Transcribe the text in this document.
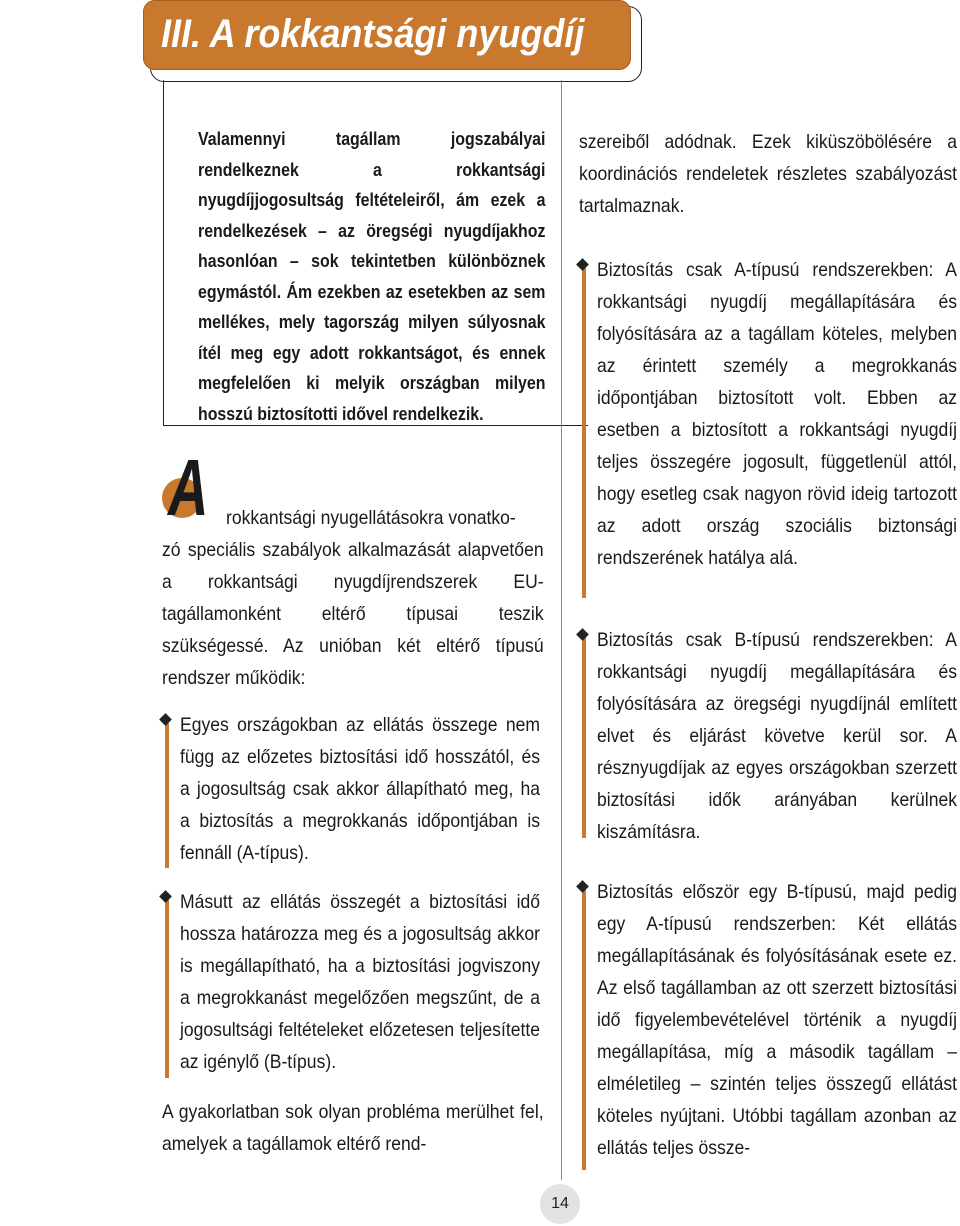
III. A rokkantsági nyugdíj

Valamennyi tagállam jogszabályai rendelkeznek a rokkantsági nyugdíjjogosultság feltételeiről, ám ezek a rendelkezések – az öregségi nyugdíjakhoz hasonlóan – sok tekintetben különböznek egymástól. Ám ezekben az esetekben az sem mellékes, mely tagország milyen súlyosnak ítél meg egy adott rokkantságot, és ennek megfelelően ki melyik országban milyen hosszú biztosítotti idővel rendelkezik.

A rokkantsági nyugellátásokra vonatko-

zó speciális szabályok alkalmazását alapvetően a rokkantsági nyugdíjrendszerek EU-tagállamonként eltérő típusai teszik szükségessé. Az unióban két eltérő típusú rendszer működik:

Egyes országokban az ellátás összege nem függ az előzetes biztosítási idő hosszától, és a jogosultság csak akkor állapítható meg, ha a biztosítás a megrokkanás időpontjában is fennáll (A-típus).

Másutt az ellátás összegét a biztosítási idő hossza határozza meg és a jogosultság akkor is megállapítható, ha a biztosítási jogviszony a megrokkanást megelőzően megszűnt, de a jogosultsági feltételeket előzetesen teljesítette az igénylő (B-típus).

A gyakorlatban sok olyan probléma merülhet fel, amelyek a tagállamok eltérő rend-

szereiből adódnak. Ezek kiküszöbölésére a koordinációs rendeletek részletes szabályozást tartalmaznak.

Biztosítás csak A-típusú rendszerekben: A rokkantsági nyugdíj megállapítására és folyósítására az a tagállam köteles, melyben az érintett személy a megrokkanás időpontjában biztosított volt. Ebben az esetben a biztosított a rokkantsági nyugdíj teljes összegére jogosult, függetlenül attól, hogy esetleg csak nagyon rövid ideig tartozott az adott ország szociális biztonsági rendszerének hatálya alá.

Biztosítás csak B-típusú rendszerekben: A rokkantsági nyugdíj megállapítására és folyósítására az öregségi nyugdíjnál említett elvet és eljárást követve kerül sor. A résznyugdíjak az egyes országokban szerzett biztosítási idők arányában kerülnek kiszámításra.

Biztosítás először egy B-típusú, majd pedig egy A-típusú rendszerben: Két ellátás megállapításának és folyósításának esete ez. Az első tagállamban az ott szerzett biztosítási idő figyelembevételével történik a nyugdíj megállapítása, míg a második tagállam – elméletileg – szintén teljes összegű ellátást köteles nyújtani. Utóbbi tagállam azonban az ellátás teljes össze-

14
